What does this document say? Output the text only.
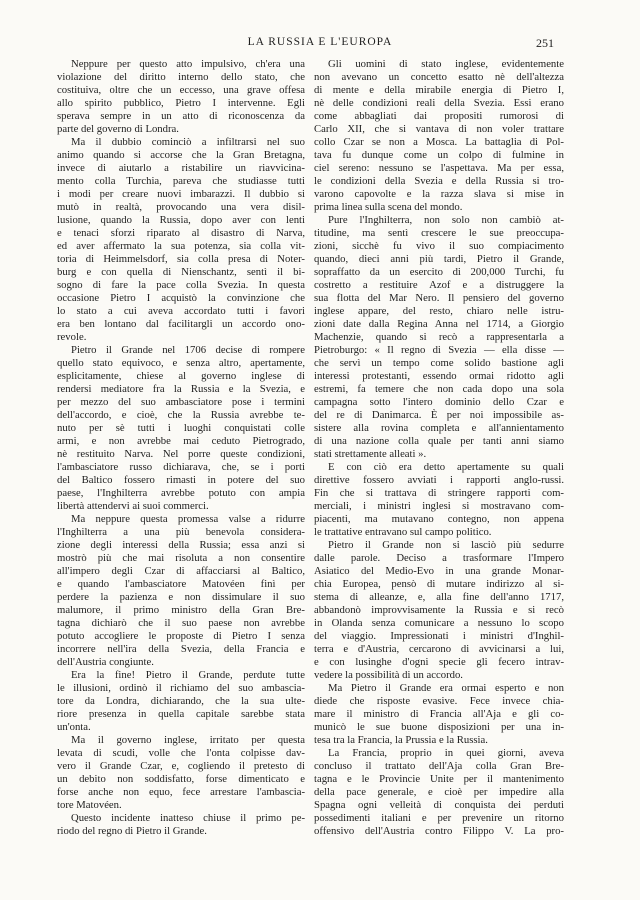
LA RUSSIA E L'EUROPA	251
Neppure per questo atto impulsivo, ch'era una
violazione del diritto interno dello stato, che
costituiva, oltre che un eccesso, una grave offesa
allo spirito pubblico, Pietro I intervenne. Egli
sperava sempre in un atto di riconoscenza da
parte del governo di Londra.
Ma il dubbio cominciò a infiltrarsi nel suo
animo quando si accorse che la Gran Bretagna,
invece di aiutarlo a ristabilire un riavvicina-
mento colla Turchia, pareva che studiasse tutti
i modi per creare nuovi imbarazzi. Il dubbio si
mutò in realtà, provocando una vera disil-
lusione, quando la Russia, dopo aver con lenti
e tenaci sforzi riparato al disastro di Narva,
ed aver affermato la sua potenza, sia colla vit-
toria di Heimmelsdorf, sia colla presa di Noter-
burg e con quella di Nienschantz, sentì il bi-
sogno di fare la pace colla Svezia. In questa
occasione Pietro I acquistò la convinzione che
lo stato a cui aveva accordato tutti i favori
era ben lontano dal facilitargli un accordo ono-
revole.
Pietro il Grande nel 1706 decise di rompere
quello stato equivoco, e senza altro, apertamente,
esplicitamente, chiese al governo inglese di
rendersi mediatore fra la Russia e la Svezia, e
per mezzo del suo ambasciatore pose i termini
dell'accordo, e cioè, che la Russia avrebbe te-
nuto per sè tutti i luoghi conquistati colle
armi, e non avrebbe mai ceduto Pietrogrado,
nè restituito Narva. Nel porre queste condizioni,
l'ambasciatore russo dichiarava, che, se i porti
del Baltico fossero rimasti in potere del suo
paese, l'Inghilterra avrebbe potuto con ampia
libertà attendervi ai suoi commerci.
Ma neppure questa promessa valse a ridurre
l'Inghilterra a una più benevola considera-
zione degli interessi della Russia; essa anzi si
mostrò più che mai risoluta a non consentire
all'impero degli Czar di affacciarsi al Baltico,
e quando l'ambasciatore Matovéen finì per
perdere la pazienza e non dissimulare il suo
malumore, il primo ministro della Gran Bre-
tagna dichiarò che il suo paese non avrebbe
potuto accogliere le proposte di Pietro I senza
incorrere nell'ira della Svezia, della Francia e
dell'Austria congiunte.
Era la fine! Pietro il Grande, perdute tutte
le illusioni, ordinò il richiamo del suo ambascia-
tore da Londra, dichiarando, che la sua ulte-
riore presenza in quella capitale sarebbe stata
un'onta.
Ma il governo inglese, irritato per questa
levata di scudi, volle che l'onta colpisse dav-
vero il Grande Czar, e, cogliendo il pretesto di
un debito non soddisfatto, forse dimenticato e
forse anche non equo, fece arrestare l'ambascia-
tore Matovéen.
Questo incidente inatteso chiuse il primo pe-
riodo del regno di Pietro il Grande.
Gli uomini di stato inglese, evidentemente
non avevano un concetto esatto nè dell'altezza
di mente e della mirabile energia di Pietro I,
nè delle condizioni reali della Svezia. Essi erano
come abbagliati dai propositi rumorosi di
Carlo XII, che si vantava di non voler trattare
collo Czar se non a Mosca. La battaglia di Pol-
tava fu dunque come un colpo di fulmine in
ciel sereno: nessuno se l'aspettava. Ma per essa,
le condizioni della Svezia e della Russia si tro-
varono capovolte e la razza slava si mise in
prima linea sulla scena del mondo.
Pure l'Inghilterra, non solo non cambiò at-
titudine, ma sentì crescere le sue preoccupa-
zioni, sicchè fu vivo il suo compiacimento
quando, dieci anni più tardi, Pietro il Grande,
sopraffatto da un esercito di 200,000 Turchi, fu
costretto a restituire Azof e a distruggere la
sua flotta del Mar Nero. Il pensiero del governo
inglese appare, del resto, chiaro nelle istru-
zioni date dalla Regina Anna nel 1714, a Giorgio
Machenzie, quando si recò a rappresentarla a
Pietroburgo: « Il regno di Svezia — ella disse —
che servì un tempo come solido bastione agli
interessi protestanti, essendo ormai ridotto agli
estremi, fa temere che non cada dopo una sola
campagna sotto l'intero dominio dello Czar e
del re di Danimarca. È per noi impossibile as-
sistere alla rovina completa e all'annientamento
di una nazione colla quale per tanti anni siamo
stati strettamente alleati ».
E con ciò era detto apertamente su quali
direttive fossero avviati i rapporti anglo-russi.
Fin che si trattava di stringere rapporti com-
merciali, i ministri inglesi si mostravano com-
piacenti, ma mutavano contegno, non appena
le trattative entravano sul campo politico.
Pietro il Grande non si lasciò più sedurre
dalle parole. Deciso a trasformare l'Impero
Asiatico del Medio-Evo in una grande Monar-
chia Europea, pensò di mutare indirizzo al si-
stema di alleanze, e, alla fine dell'anno 1717,
abbandonò improvvisamente la Russia e si recò
in Olanda senza comunicare a nessuno lo scopo
del viaggio. Impressionati i ministri d'Inghil-
terra e d'Austria, cercarono di avvicinarsi a lui,
e con lusinghe d'ogni specie gli fecero intrav-
vedere la possibilità di un accordo.
Ma Pietro il Grande era ormai esperto e non
diede che risposte evasive. Fece invece chia-
mare il ministro di Francia all'Aja e gli co-
municò le sue buone disposizioni per una in-
tesa tra la Francia, la Prussia e la Russia.
La Francia, proprio in quei giorni, aveva
concluso il trattato dell'Aja colla Gran Bre-
tagna e le Provincie Unite per il mantenimento
della pace generale, e cioè per impedire alla
Spagna ogni velleità di conquista dei perduti
possedimenti italiani e per prevenire un ritorno
offensivo dell'Austria contro Filippo V. La pro-
